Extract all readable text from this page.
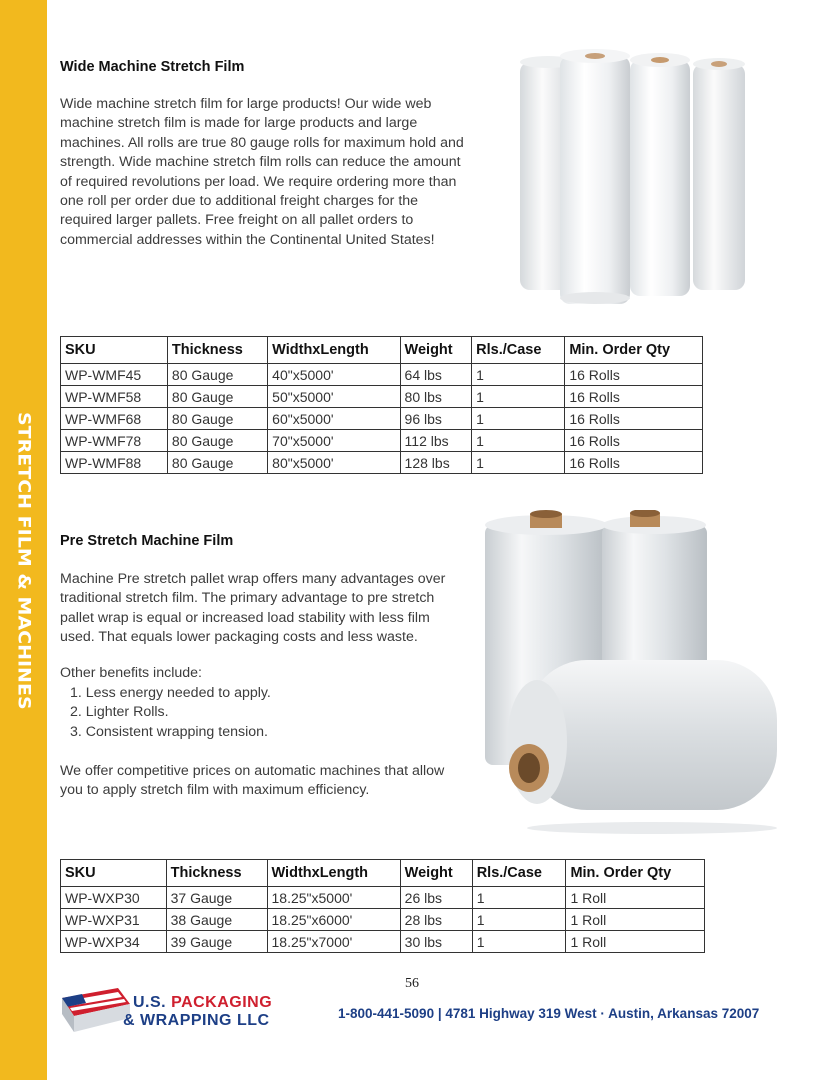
STRETCH FILM & MACHINES
Wide Machine Stretch Film

Wide machine stretch film for large products! Our wide web machine stretch film is made for large products and large machines. All rolls are true 80 gauge rolls for maximum hold and strength. Wide machine stretch film rolls can reduce the amount of required revolutions per load. We require ordering more than one roll per order due to additional freight charges for the required larger pallets. Free freight on all pallet orders to commercial addresses within the Continental United States!

SKU	Thickness	WidthxLength	Weight	Rls./Case	Min. Order Qty
WP-WMF45	80 Gauge	40"x5000'	64 lbs	1	16 Rolls
WP-WMF58	80 Gauge	50"x5000'	80 lbs	1	16 Rolls
WP-WMF68	80 Gauge	60"x5000'	96 lbs	1	16 Rolls
WP-WMF78	80 Gauge	70"x5000'	112 lbs	1	16 Rolls
WP-WMF88	80 Gauge	80"x5000'	128 lbs	1	16 Rolls
Pre Stretch Machine Film

Machine Pre stretch pallet wrap offers many advantages over traditional stretch film. The primary advantage to pre stretch pallet wrap is equal or increased load stability with less film used. That equals lower packaging costs and less waste.

Other benefits include:

1. Less energy needed to apply.
2. Lighter Rolls.
3. Consistent wrapping tension.

We offer competitive prices on automatic machines that allow you to apply stretch film with maximum efficiency.

SKU	Thickness	WidthxLength	Weight	Rls./Case	Min. Order Qty
WP-WXP30	37 Gauge	18.25"x5000'	26 lbs	1	1 Roll
WP-WXP31	38 Gauge	18.25"x6000'	28 lbs	1	1 Roll
WP-WXP34	39 Gauge	18.25"x7000'	30 lbs	1	1 Roll
56
U.S. PACKAGING
& WRAPPING LLC	1-800-441-5090 | 4781 Highway 319 West · Austin, Arkansas 72007
